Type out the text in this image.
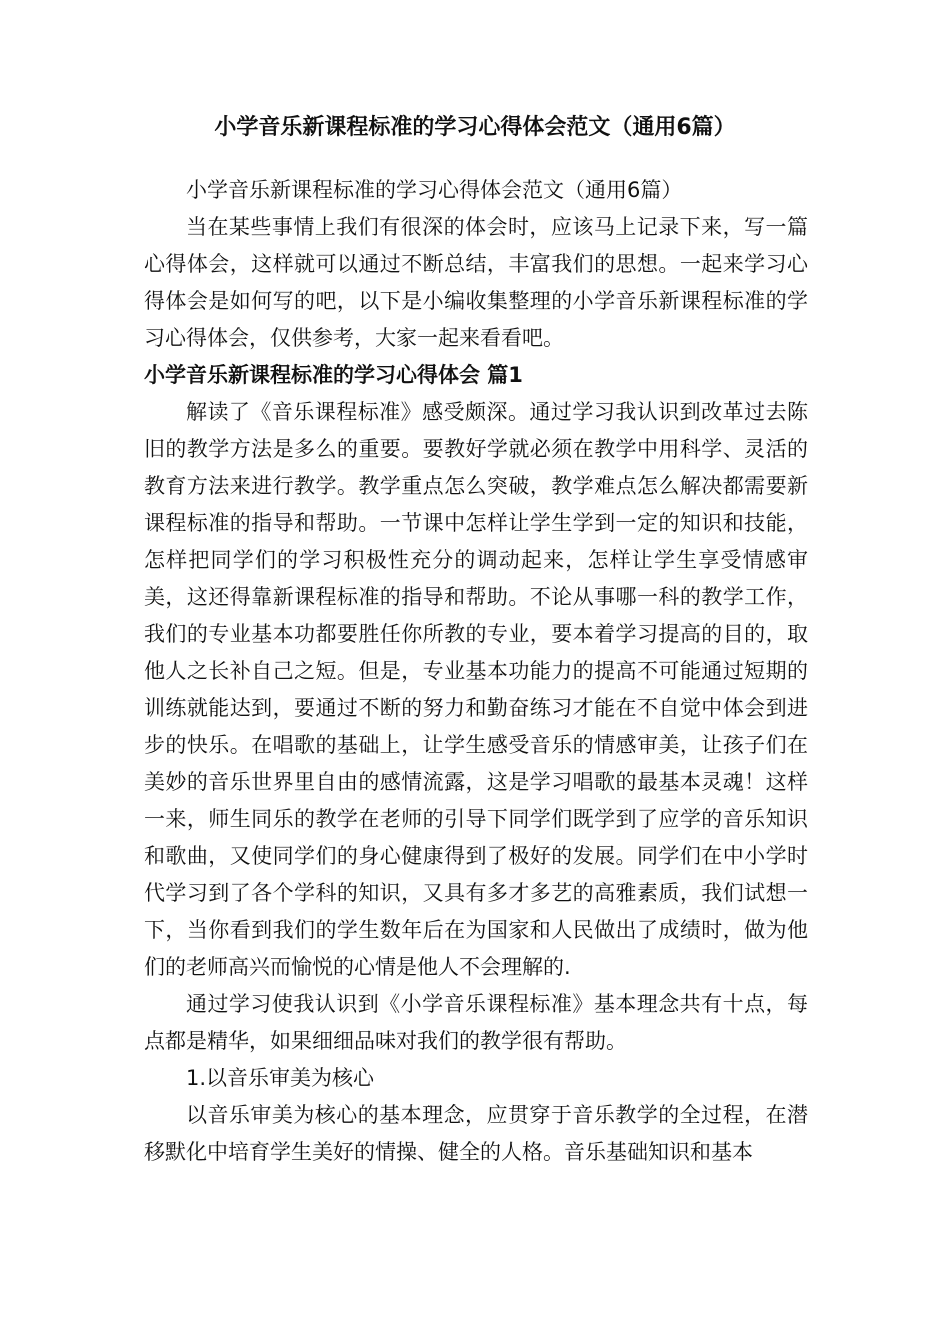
小学音乐新课程标准的学习心得体会范文（通用6篇）

小学音乐新课程标准的学习心得体会范文（通用6篇）

当在某些事情上我们有很深的体会时，应该马上记录下来，写一篇心得体会，这样就可以通过不断总结，丰富我们的思想。一起来学习心得体会是如何写的吧，以下是小编收集整理的小学音乐新课程标准的学习心得体会，仅供参考，大家一起来看看吧。

小学音乐新课程标准的学习心得体会 篇1

解读了《音乐课程标准》感受颇深。通过学习我认识到改革过去陈旧的教学方法是多么的重要。要教好学就必须在教学中用科学、灵活的教育方法来进行教学。教学重点怎么突破，教学难点怎么解决都需要新课程标准的指导和帮助。一节课中怎样让学生学到一定的知识和技能，怎样把同学们的学习积极性充分的调动起来，怎样让学生享受情感审美，这还得靠新课程标准的指导和帮助。不论从事哪一科的教学工作，我们的专业基本功都要胜任你所教的专业，要本着学习提高的目的，取他人之长补自己之短。但是，专业基本功能力的提高不可能通过短期的训练就能达到，要通过不断的努力和勤奋练习才能在不自觉中体会到进步的快乐。在唱歌的基础上，让学生感受音乐的情感审美，让孩子们在美妙的音乐世界里自由的感情流露，这是学习唱歌的最基本灵魂！这样一来，师生同乐的教学在老师的引导下同学们既学到了应学的音乐知识和歌曲，又使同学们的身心健康得到了极好的发展。同学们在中小学时代学习到了各个学科的知识，又具有多才多艺的高雅素质，我们试想一下，当你看到我们的学生数年后在为国家和人民做出了成绩时，做为他们的老师高兴而愉悦的心情是他人不会理解的.

通过学习使我认识到《小学音乐课程标准》基本理念共有十点，每点都是精华，如果细细品味对我们的教学很有帮助。

1.以音乐审美为核心

以音乐审美为核心的基本理念，应贯穿于音乐教学的全过程，在潜移默化中培育学生美好的情操、健全的人格。音乐基础知识和基本
